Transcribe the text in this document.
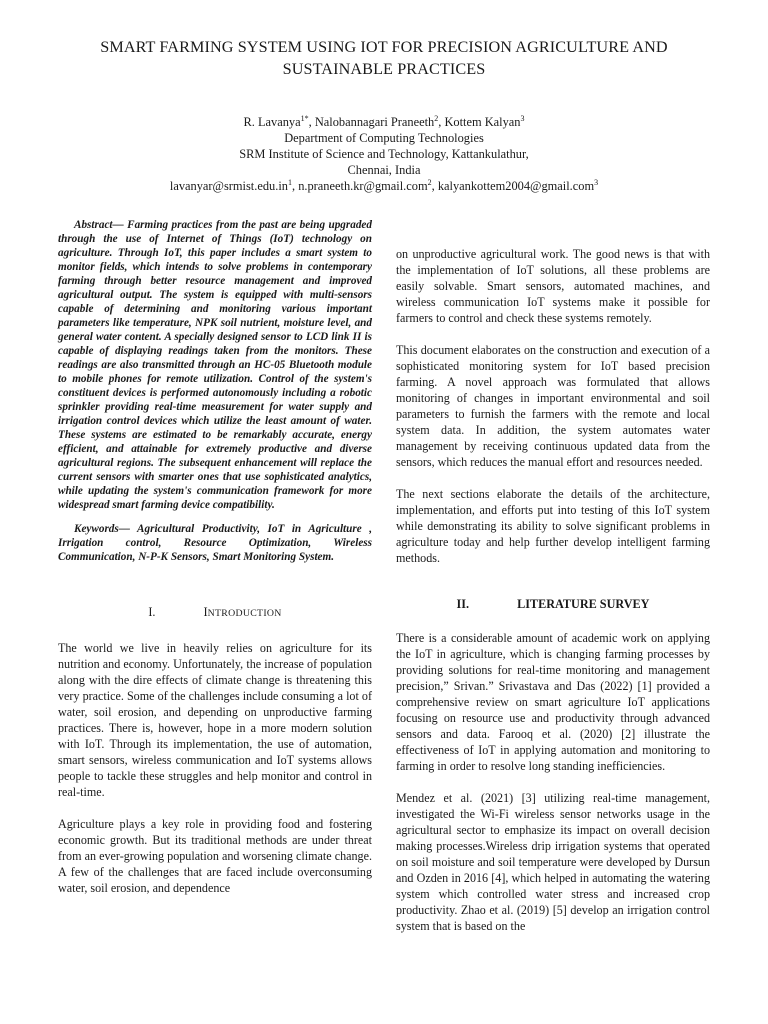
SMART FARMING SYSTEM USING IOT FOR PRECISION AGRICULTURE AND SUSTAINABLE PRACTICES
R. Lavanya$^{1*}$, Nalobannagari Praneeth$^2$, Kottem Kalyan$^3$
Department of Computing Technologies
SRM Institute of Science and Technology, Kattankulathur,
Chennai, India
$lavanyar@srmist.edu.in^1$, n.praneeth.kr@gmail.com$^2$, kalyankottem2004@gmail.com$^3$

Abstract— Farming practices from the past are being upgraded through the use of Internet of Things (IoT) technology on agriculture. Through IoT, this paper includes a smart system to monitor fields, which intends to solve problems in contemporary farming through better resource management and improved agricultural output. The system is equipped with multi-sensors capable of determining and monitoring various important parameters like temperature, NPK soil nutrient, moisture level, and general water content. A specially designed sensor to LCD link II is capable of displaying readings taken from the monitors. These readings are also transmitted through an HC-05 Bluetooth module to mobile phones for remote utilization. Control of the system's constituent devices is performed autonomously including a robotic sprinkler providing real-time measurement for water supply and irrigation control devices which utilize the least amount of water. These systems are estimated to be remarkably accurate, energy efficient, and attainable for extremely productive and diverse agricultural regions. The subsequent enhancement will replace the current sensors with smarter ones that use sophisticated analytics, while updating the system's communication framework for more widespread smart farming device compatibility.

Keywords— Agricultural Productivity, IoT in Agriculture , Irrigation control, Resource Optimization, Wireless Communication, N-P-K Sensors, Smart Monitoring System.

I.	INTRODUCTION

The world we live in heavily relies on agriculture for its nutrition and economy. Unfortunately, the increase of population along with the dire effects of climate change is threatening this very practice. Some of the challenges include consuming a lot of water, soil erosion, and depending on unproductive farming practices. There is, however, hope in a more modern solution with IoT. Through its implementation, the use of automation, smart sensors, wireless communication and IoT systems allows people to tackle these struggles and help monitor and control in real-time.

Agriculture plays a key role in providing food and fostering economic growth. But its traditional methods are under threat from an ever-growing population and worsening climate change. A few of the challenges that are faced include overconsuming water, soil erosion, and dependence

on unproductive agricultural work. The good news is that with the implementation of IoT solutions, all these problems are easily solvable. Smart sensors, automated machines, and wireless communication IoT systems make it possible for farmers to control and check these systems remotely.

This document elaborates on the construction and execution of a sophisticated monitoring system for IoT based precision farming. A novel approach was formulated that allows monitoring of changes in important environmental and soil parameters to furnish the farmers with the remote and local system data. In addition, the system automates water management by receiving continuous updated data from the sensors, which reduces the manual effort and resources needed.

The next sections elaborate the details of the architecture, implementation, and efforts put into testing of this IoT system while demonstrating its ability to solve significant problems in agriculture today and help further develop intelligent farming methods.

II.	LITERATURE SURVEY

There is a considerable amount of academic work on applying the IoT in agriculture, which is changing farming processes by providing solutions for real-time monitoring and management precision,” Srivan.” Srivastava and Das (2022) [1] provided a comprehensive review on smart agriculture IoT applications focusing on resource use and productivity through advanced sensors and data. Farooq et al. (2020) [2] illustrate the effectiveness of IoT in applying automation and monitoring to farming in order to resolve long standing inefficiencies.

Mendez et al. (2021) [3] utilizing real-time management, investigated the Wi-Fi wireless sensor networks usage in the agricultural sector to emphasize its impact on overall decision making processes.Wireless drip irrigation systems that operated on soil moisture and soil temperature were developed by Dursun and Ozden in 2016 [4], which helped in automating the watering system which controlled water stress and increased crop productivity. Zhao et al. (2019) [5] develop an irrigation control system that is based on the
